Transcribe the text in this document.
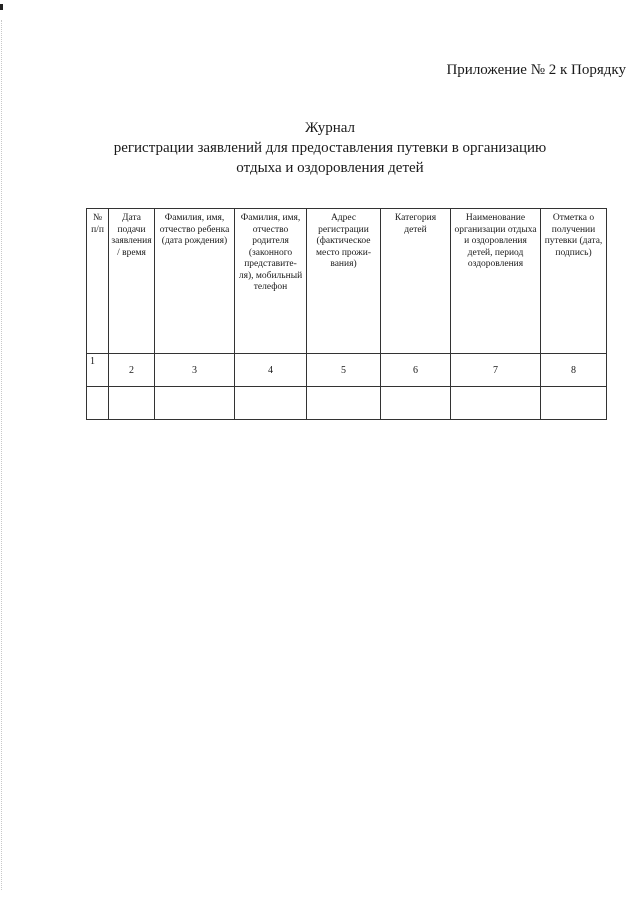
Приложение № 2 к Порядку
Журнал
регистрации заявлений для предоставления путевки в организацию
отдыха и оздоровления детей
№ п/п	Дата подачи заявления / время	Фамилия, имя, отчество ребенка (дата рождения)	Фамилия, имя, отчество родителя (законного представите-ля), мобильный телефон	Адрес регистрации (фактическое место прожи-вания)	Категория детей	Наименование организации отдыха и оздоровления детей, период оздоровления	Отметка о получении путевки (дата, подпись)

1	2	3	4	5	6	7	8
